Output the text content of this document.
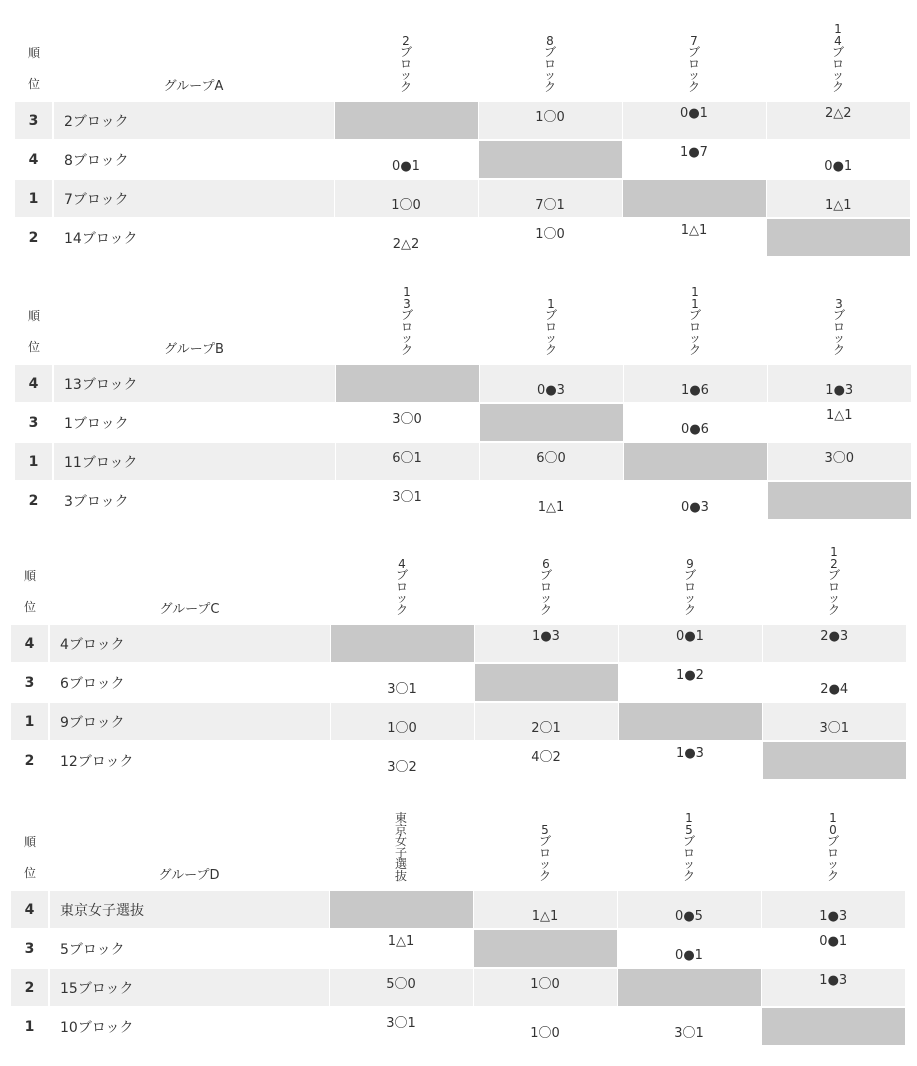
順
位	グループA	2ブロック	8ブロック	7ブロック	14ブロック
3	2ブロック		1〇0	0●1	2△2

4	8ブロック	0●1		1●7	0●1

1	7ブロック	1〇0	7〇1		1△1

2	14ブロック	2△2	1〇0	1△1	

順
位	グループB	13ブロック	1ブロック	11ブロック	3ブロック
4	13ブロック		0●3	1●6	1●3

3	1ブロック	3〇0		0●6	1△1

1	11ブロック	6〇1	6〇0		3〇0

2	3ブロック	3〇1	1△1	0●3	

順
位	グループC	4ブロック	6ブロック	9ブロック	12ブロック
4	4ブロック		1●3	0●1	2●3

3	6ブロック	3〇1		1●2	2●4

1	9ブロック	1〇0	2〇1		3〇1

2	12ブロック	3〇2	4〇2	1●3	

順
位	グループD	東京女子選抜	5ブロック	15ブロック	10ブロック
4	東京女子選抜		1△1	0●5	1●3

3	5ブロック	1△1		0●1	0●1

2	15ブロック	5〇0	1〇0		1●3

1	10ブロック	3〇1	1〇0	3〇1	
